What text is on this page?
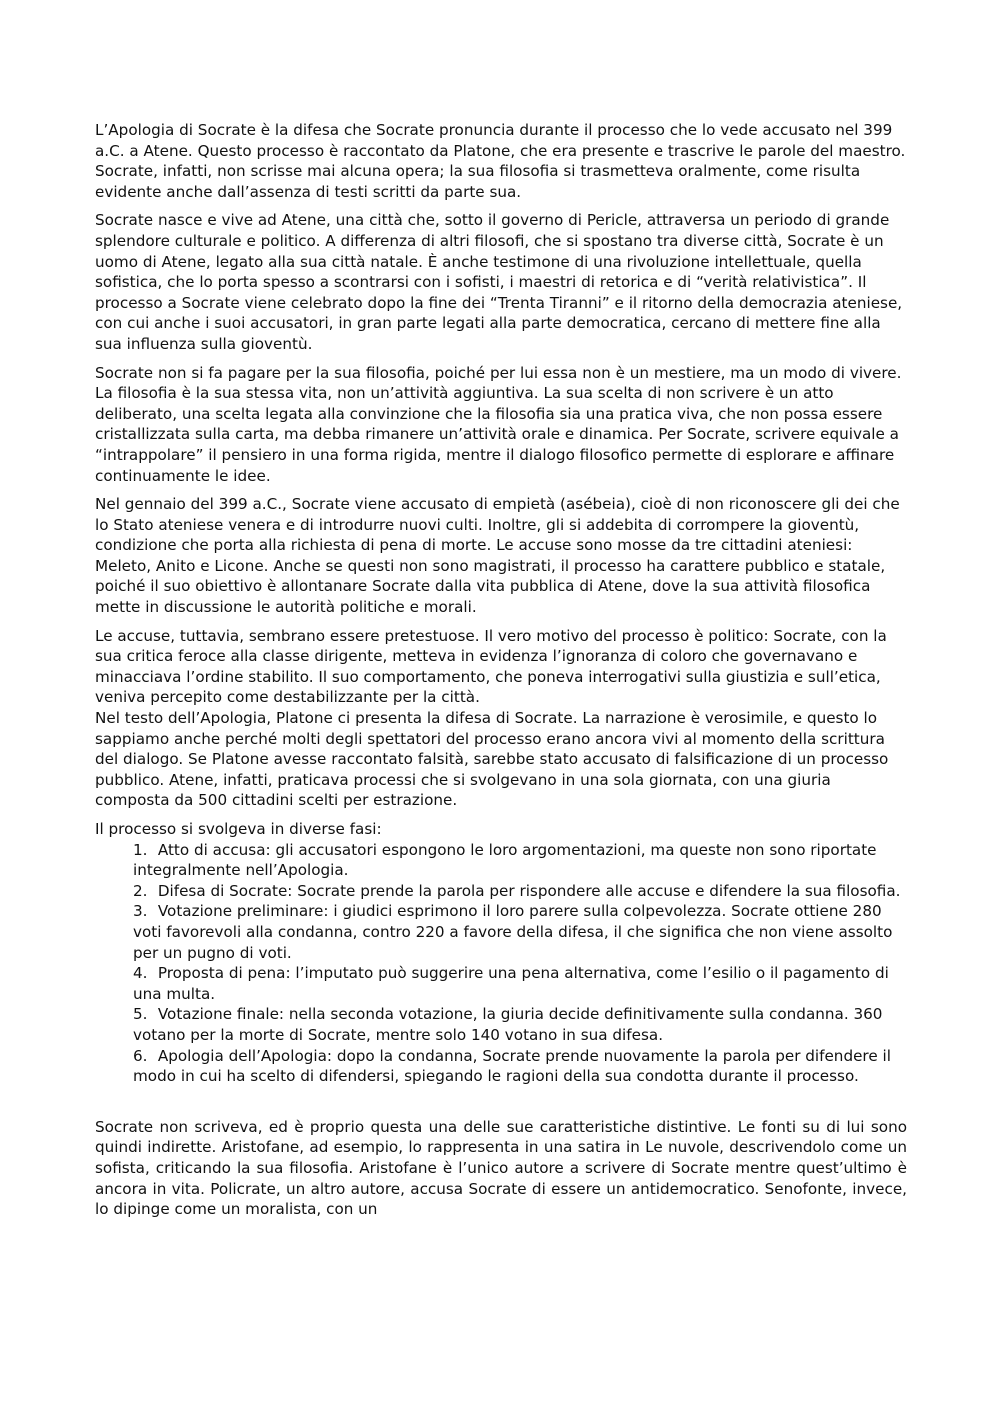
L’Apologia di Socrate è la difesa che Socrate pronuncia durante il processo che lo vede accusato nel 399 a.C. a Atene. Questo processo è raccontato da Platone, che era presente e trascrive le parole del maestro. Socrate, infatti, non scrisse mai alcuna opera; la sua filosofia si trasmetteva oralmente, come risulta evidente anche dall’assenza di testi scritti da parte sua.

Socrate nasce e vive ad Atene, una città che, sotto il governo di Pericle, attraversa un periodo di grande splendore culturale e politico. A differenza di altri filosofi, che si spostano tra diverse città, Socrate è un uomo di Atene, legato alla sua città natale. È anche testimone di una rivoluzione intellettuale, quella sofistica, che lo porta spesso a scontrarsi con i sofisti, i maestri di retorica e di “verità relativistica”. Il processo a Socrate viene celebrato dopo la fine dei “Trenta Tiranni” e il ritorno della democrazia ateniese, con cui anche i suoi accusatori, in gran parte legati alla parte democratica, cercano di mettere fine alla sua influenza sulla gioventù.

Socrate non si fa pagare per la sua filosofia, poiché per lui essa non è un mestiere, ma un modo di vivere. La filosofia è la sua stessa vita, non un’attività aggiuntiva. La sua scelta di non scrivere è un atto deliberato, una scelta legata alla convinzione che la filosofia sia una pratica viva, che non possa essere cristallizzata sulla carta, ma debba rimanere un’attività orale e dinamica. Per Socrate, scrivere equivale a “intrappolare” il pensiero in una forma rigida, mentre il dialogo filosofico permette di esplorare e affinare continuamente le idee.

Nel gennaio del 399 a.C., Socrate viene accusato di empietà (asébeia), cioè di non riconoscere gli dei che lo Stato ateniese venera e di introdurre nuovi culti. Inoltre, gli si addebita di corrompere la gioventù, condizione che porta alla richiesta di pena di morte. Le accuse sono mosse da tre cittadini ateniesi: Meleto, Anito e Licone. Anche se questi non sono magistrati, il processo ha carattere pubblico e statale, poiché il suo obiettivo è allontanare Socrate dalla vita pubblica di Atene, dove la sua attività filosofica mette in discussione le autorità politiche e morali.

Le accuse, tuttavia, sembrano essere pretestuose. Il vero motivo del processo è politico: Socrate, con la sua critica feroce alla classe dirigente, metteva in evidenza l’ignoranza di coloro che governavano e minacciava l’ordine stabilito. Il suo comportamento, che poneva interrogativi sulla giustizia e sull’etica, veniva percepito come destabilizzante per la città.

Nel testo dell’Apologia, Platone ci presenta la difesa di Socrate. La narrazione è verosimile, e questo lo sappiamo anche perché molti degli spettatori del processo erano ancora vivi al momento della scrittura del dialogo. Se Platone avesse raccontato falsità, sarebbe stato accusato di falsificazione di un processo pubblico. Atene, infatti, praticava processi che si svolgevano in una sola giornata, con una giuria composta da 500 cittadini scelti per estrazione.

Il processo si svolgeva in diverse fasi:

1. Atto di accusa: gli accusatori espongono le loro argomentazioni, ma queste non sono riportate integralmente nell’Apologia.
2. Difesa di Socrate: Socrate prende la parola per rispondere alle accuse e difendere la sua filosofia.
3. Votazione preliminare: i giudici esprimono il loro parere sulla colpevolezza. Socrate ottiene 280 voti favorevoli alla condanna, contro 220 a favore della difesa, il che significa che non viene assolto per un pugno di voti.
4. Proposta di pena: l’imputato può suggerire una pena alternativa, come l’esilio o il pagamento di una multa.
5. Votazione finale: nella seconda votazione, la giuria decide definitivamente sulla condanna. 360 votano per la morte di Socrate, mentre solo 140 votano in sua difesa.
6. Apologia dell’Apologia: dopo la condanna, Socrate prende nuovamente la parola per difendere il modo in cui ha scelto di difendersi, spiegando le ragioni della sua condotta durante il processo.

Socrate non scriveva, ed è proprio questa una delle sue caratteristiche distintive. Le fonti su di lui sono quindi indirette. Aristofane, ad esempio, lo rappresenta in una satira in Le nuvole, descrivendolo come un sofista, criticando la sua filosofia. Aristofane è l’unico autore a scrivere di Socrate mentre quest’ultimo è ancora in vita. Policrate, un altro autore, accusa Socrate di essere un antidemocratico. Senofonte, invece, lo dipinge come un moralista, con un
